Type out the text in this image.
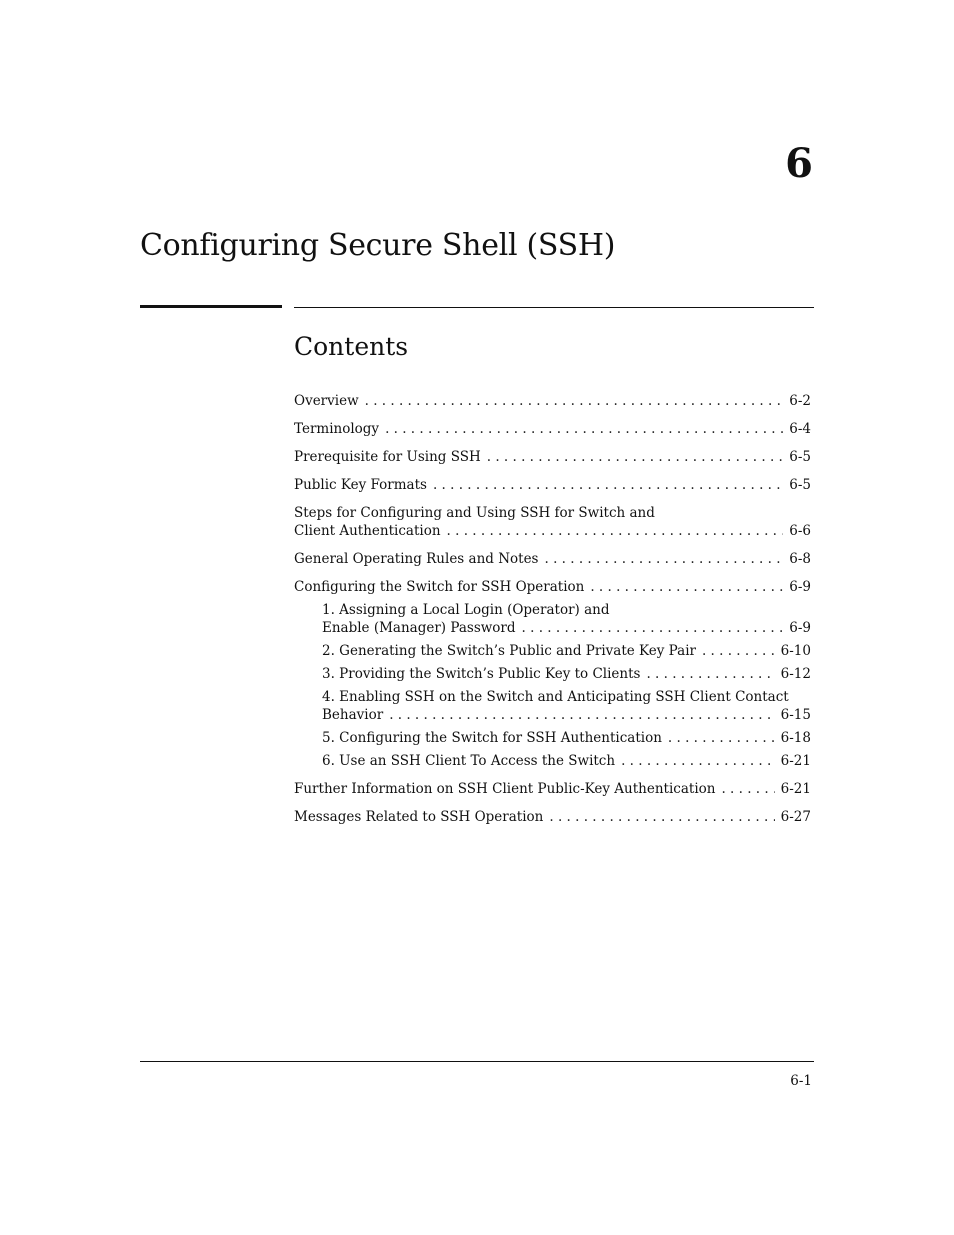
6
Configuring Secure Shell (SSH)
Contents
Overview . . .	6-2
Terminology . . .	6-4
Prerequisite for Using SSH . . .	6-5
Public Key Formats . . .	6-5
Steps for Configuring and Using SSH for Switch and
Client Authentication . . .	6-6
General Operating Rules and Notes . . .	6-8
Configuring the Switch for SSH Operation . . .	6-9
1. Assigning a Local Login (Operator) and
Enable (Manager) Password . . .	6-9
2. Generating the Switch’s Public and Private Key Pair . . .	6-10
3. Providing the Switch’s Public Key to Clients . . .	6-12
4. Enabling SSH on the Switch and Anticipating SSH Client Contact
Behavior . . .	6-15
5. Configuring the Switch for SSH Authentication . . .	6-18
6. Use an SSH Client To Access the Switch . . .	6-21
Further Information on SSH Client Public-Key Authentication . . .	6-21
Messages Related to SSH Operation . . .	6-27
6-1
